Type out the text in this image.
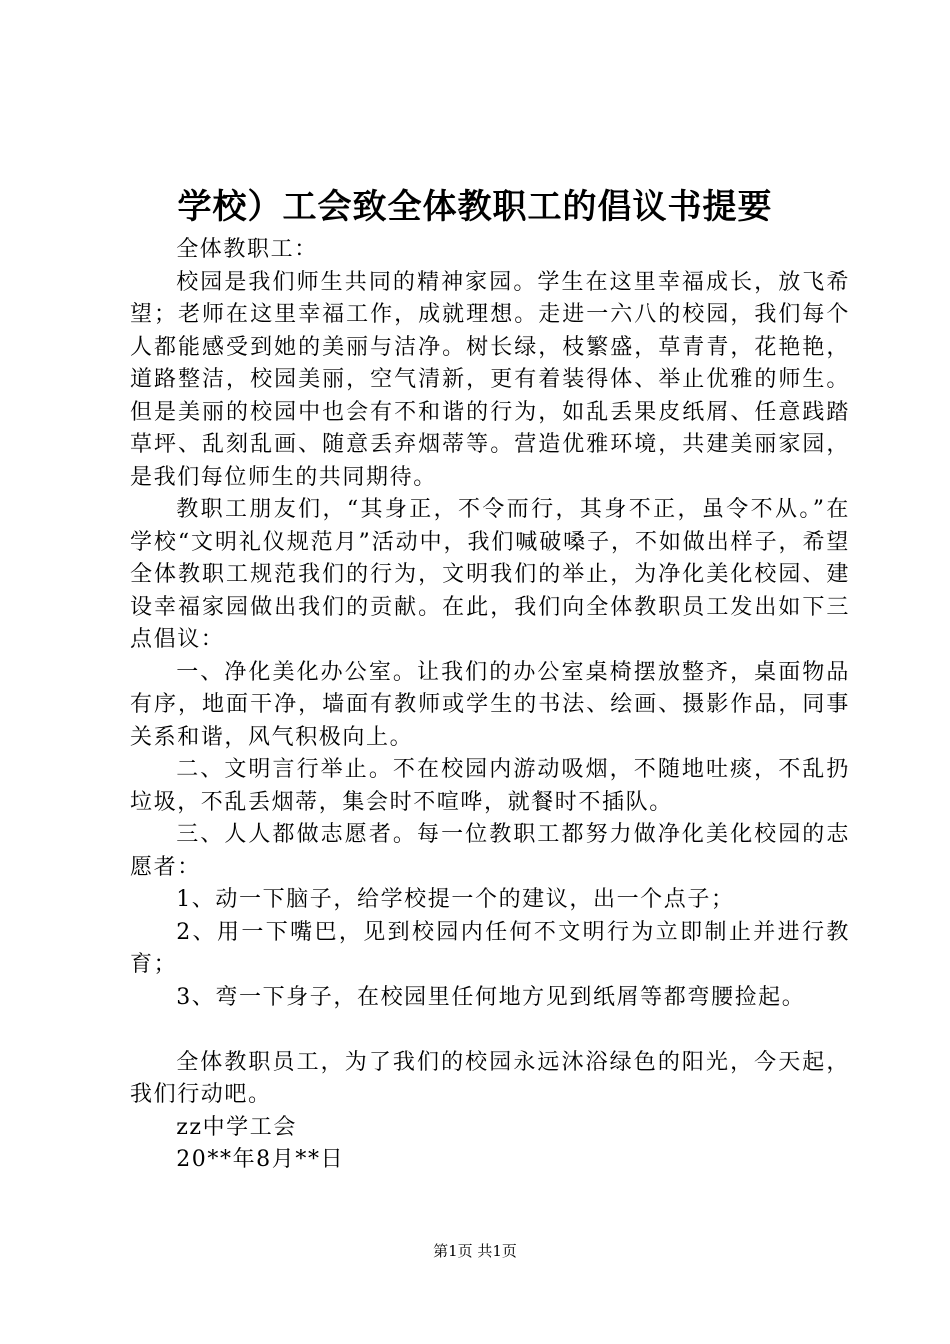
学校）工会致全体教职工的倡议书提要

全体教职工：

校园是我们师生共同的精神家园。学生在这里幸福成长，放飞希望；老师在这里幸福工作，成就理想。走进一六八的校园，我们每个人都能感受到她的美丽与洁净。树长绿，枝繁盛，草青青，花艳艳，道路整洁，校园美丽，空气清新，更有着装得体、举止优雅的师生。但是美丽的校园中也会有不和谐的行为，如乱丢果皮纸屑、任意践踏草坪、乱刻乱画、随意丢弃烟蒂等。营造优雅环境，共建美丽家园，是我们每位师生的共同期待。

教职工朋友们，“其身正，不令而行，其身不正，虽令不从。”在学校“文明礼仪规范月”活动中，我们喊破嗓子，不如做出样子，希望全体教职工规范我们的行为，文明我们的举止，为净化美化校园、建设幸福家园做出我们的贡献。在此，我们向全体教职员工发出如下三点倡议：

一、净化美化办公室。让我们的办公室桌椅摆放整齐，桌面物品有序，地面干净，墙面有教师或学生的书法、绘画、摄影作品，同事关系和谐，风气积极向上。

二、文明言行举止。不在校园内游动吸烟，不随地吐痰，不乱扔垃圾，不乱丢烟蒂，集会时不喧哗，就餐时不插队。

三、人人都做志愿者。每一位教职工都努力做净化美化校园的志愿者：

1、动一下脑子，给学校提一个的建议，出一个点子；

2、用一下嘴巴，见到校园内任何不文明行为立即制止并进行教育；

3、弯一下身子，在校园里任何地方见到纸屑等都弯腰捡起。

全体教职员工，为了我们的校园永远沐浴绿色的阳光，今天起，我们行动吧。

zz中学工会

20**年8月**日

第1页 共1页
